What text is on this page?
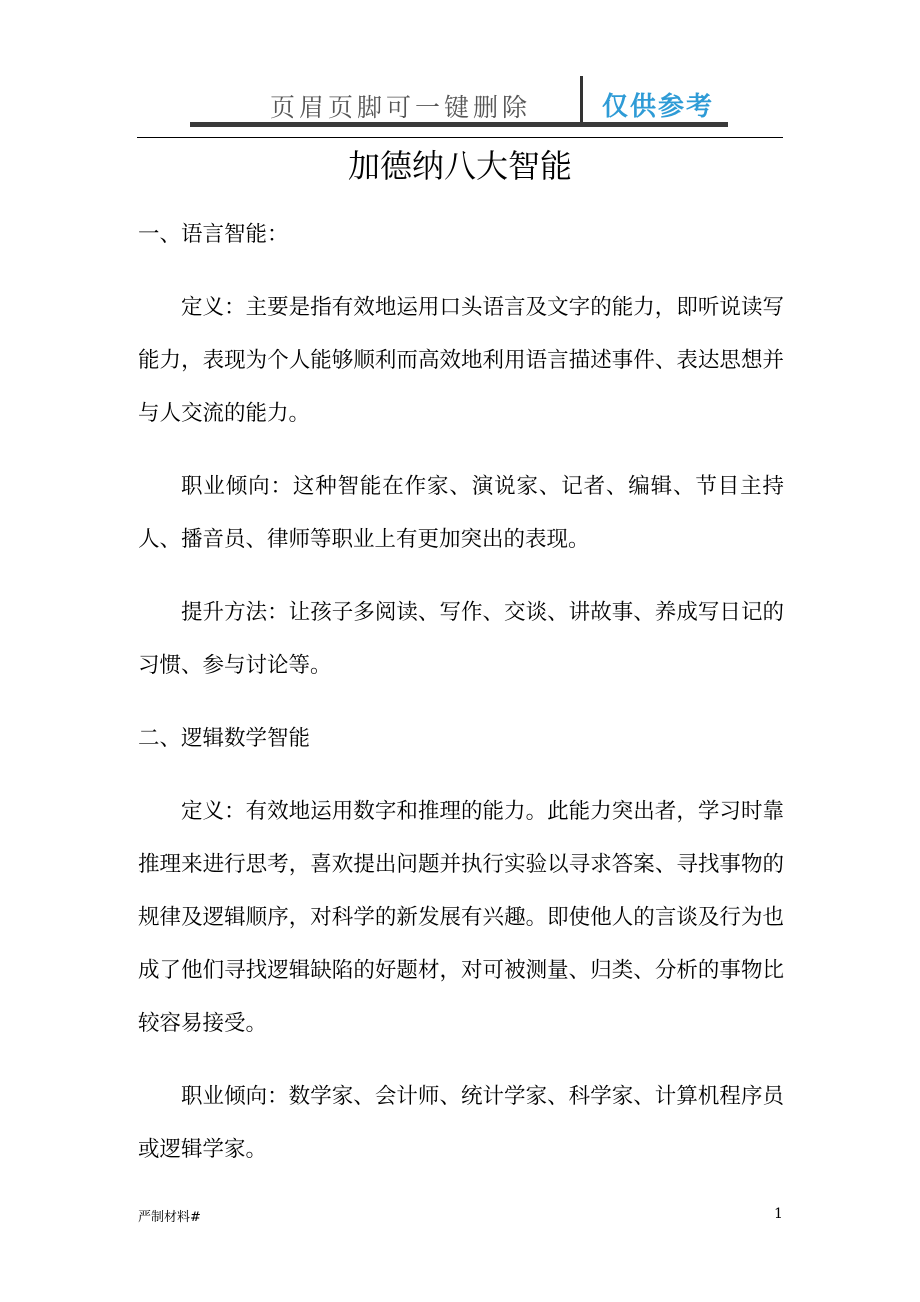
页眉页脚可一键删除	仅供参考
加德纳八大智能

一、语言智能：

定义：主要是指有效地运用口头语言及文字的能力，即听说读写能力，表现为个人能够顺利而高效地利用语言描述事件、表达思想并与人交流的能力。

职业倾向：这种智能在作家、演说家、记者、编辑、节目主持人、播音员、律师等职业上有更加突出的表现。

提升方法：让孩子多阅读、写作、交谈、讲故事、养成写日记的习惯、参与讨论等。

二、逻辑数学智能

定义：有效地运用数字和推理的能力。此能力突出者，学习时靠推理来进行思考，喜欢提出问题并执行实验以寻求答案、寻找事物的规律及逻辑顺序，对科学的新发展有兴趣。即使他人的言谈及行为也成了他们寻找逻辑缺陷的好题材，对可被测量、归类、分析的事物比较容易接受。

职业倾向：数学家、会计师、统计学家、科学家、计算机程序员或逻辑学家。

严制材料#	1
